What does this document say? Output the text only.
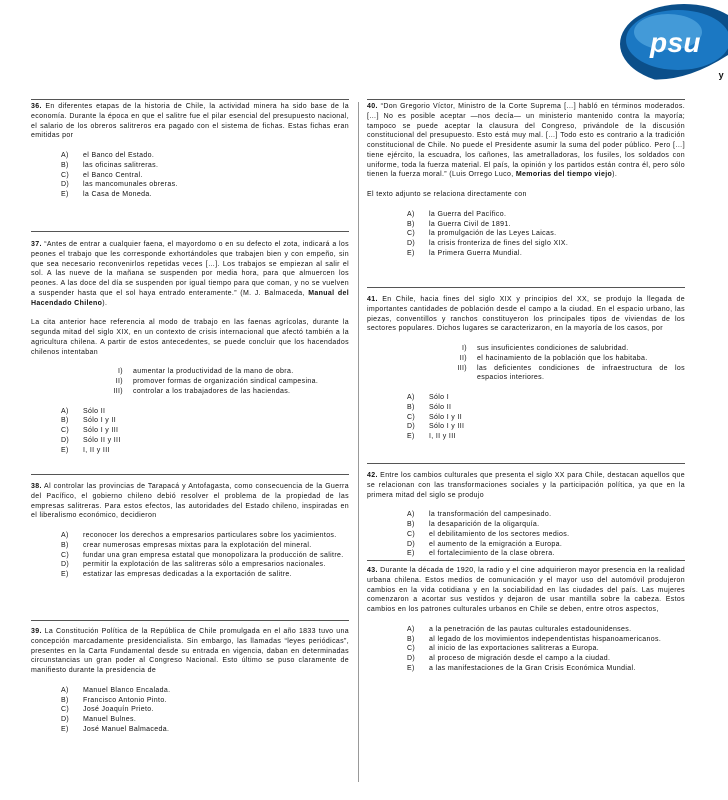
psu
y

36. En diferentes etapas de la historia de Chile, la actividad minera ha sido base de la economía. Durante la época en que el salitre fue el pilar esencial del presupuesto nacional, el salario de los obreros salitreros era pagado con el sistema de fichas. Estas fichas eran emitidas por

A)	el Banco del Estado.
B)	las oficinas salitreras.
C)	el Banco Central.
D)	las mancomunales obreras.
E)	la Casa de Moneda.

37. “Antes de entrar a cualquier faena, el mayordomo o en su defecto el zota, indicará a los peones el trabajo que les corresponde exhortándoles que trabajen bien y con empeño, sin que sea necesario reconvenirlos repetidas veces […]. Los trabajos se empiezan al salir el sol. A las nueve de la mañana se suspenden por media hora, para que almuercen los peones. A las doce del día se suspenden por igual tiempo para que coman, y no se vuelven a suspender hasta que el sol haya entrado enteramente.” (M. J. Balmaceda, Manual del Hacendado Chileno).

La cita anterior hace referencia al modo de trabajo en las faenas agrícolas, durante la segunda mitad del siglo XIX, en un contexto de crisis internacional que afectó también a la agricultura chilena. A partir de estos antecedentes, se puede concluir que los hacendados chilenos intentaban

I)	aumentar la productividad de la mano de obra.
II)	promover formas de organización sindical campesina.
III)	controlar a los trabajadores de las haciendas.
A)	Sólo II
B)	Sólo I y II
C)	Sólo I y III
D)	Sólo II y III
E)	I, II y III

38. Al controlar las provincias de Tarapacá y Antofagasta, como consecuencia de la Guerra del Pacífico, el gobierno chileno debió resolver el problema de la propiedad de las empresas salitreras. Para estos efectos, las autoridades del Estado chileno, inspiradas en el liberalismo económico, decidieron

A)	reconocer los derechos a empresarios particulares sobre los yacimientos.
B)	crear numerosas empresas mixtas para la explotación del mineral.
C)	fundar una gran empresa estatal que monopolizara la producción de salitre.
D)	permitir la explotación de las salitreras sólo a empresarios nacionales.
E)	estatizar las empresas dedicadas a la exportación de salitre.

39. La Constitución Política de la República de Chile promulgada en el año 1833 tuvo una concepción marcadamente presidencialista. Sin embargo, las llamadas “leyes periódicas”, presentes en la Carta Fundamental desde su entrada en vigencia, daban en determinadas circunstancias un gran poder al Congreso Nacional. Esto último se puso claramente de manifiesto durante la presidencia de

A)	Manuel Blanco Encalada.
B)	Francisco Antonio Pinto.
C)	José Joaquín Prieto.
D)	Manuel Bulnes.
E)	José Manuel Balmaceda.

40. “Don Gregorio Víctor, Ministro de la Corte Suprema […] habló en términos moderados. […] No es posible aceptar —nos decía— un ministerio mantenido contra la mayoría; tampoco se puede aceptar la clausura del Congreso, privándole de la discusión constitucional del presupuesto. Esto está muy mal. […] Todo esto es contrario a la tradición constitucional de Chile. No puede el Presidente asumir la suma del poder público. Pero […] tiene ejército, la escuadra, los cañones, las ametralladoras, los fusiles, los soldados con uniforme, toda la fuerza material. El país, la opinión y los partidos están contra él, pero sólo tienen la fuerza moral.” (Luis Orrego Luco, Memorias del tiempo viejo).

El texto adjunto se relaciona directamente con

A)	la Guerra del Pacífico.
B)	la Guerra Civil de 1891.
C)	la promulgación de las Leyes Laicas.
D)	la crisis fronteriza de fines del siglo XIX.
E)	la Primera Guerra Mundial.

41. En Chile, hacia fines del siglo XIX y principios del XX, se produjo la llegada de importantes cantidades de población desde el campo a la ciudad. En el espacio urbano, las piezas, conventillos y ranchos constituyeron los principales tipos de viviendas de los sectores populares. Dichos lugares se caracterizaron, en la mayoría de los casos, por

I)	sus insuficientes condiciones de salubridad.
II)	el hacinamiento de la población que los habitaba.
III)	las deficientes condiciones de infraestructura de los espacios interiores.
A)	Sólo I
B)	Sólo II
C)	Sólo I y II
D)	Sólo I y III
E)	I, II y III

42. Entre los cambios culturales que presenta el siglo XX para Chile, destacan aquellos que se relacionan con las transformaciones sociales y la participación política, ya que en la primera mitad del siglo se produjo

A)	la transformación del campesinado.
B)	la desaparición de la oligarquía.
C)	el debilitamiento de los sectores medios.
D)	el aumento de la emigración a Europa.
E)	el fortalecimiento de la clase obrera.

43. Durante la década de 1920, la radio y el cine adquirieron mayor presencia en la realidad urbana chilena. Estos medios de comunicación y el mayor uso del automóvil produjeron cambios en la vida cotidiana y en la sociabilidad en las ciudades del país. Las mujeres comenzaron a acortar sus vestidos y dejaron de usar mantilla sobre la cabeza. Estos cambios en los patrones culturales urbanos en Chile se deben, entre otros aspectos,

A)	a la penetración de las pautas culturales estadounidenses.
B)	al legado de los movimientos independentistas hispanoamericanos.
C)	al inicio de las exportaciones salitreras a Europa.
D)	al proceso de migración desde el campo a la ciudad.
E)	a las manifestaciones de la Gran Crisis Económica Mundial.
